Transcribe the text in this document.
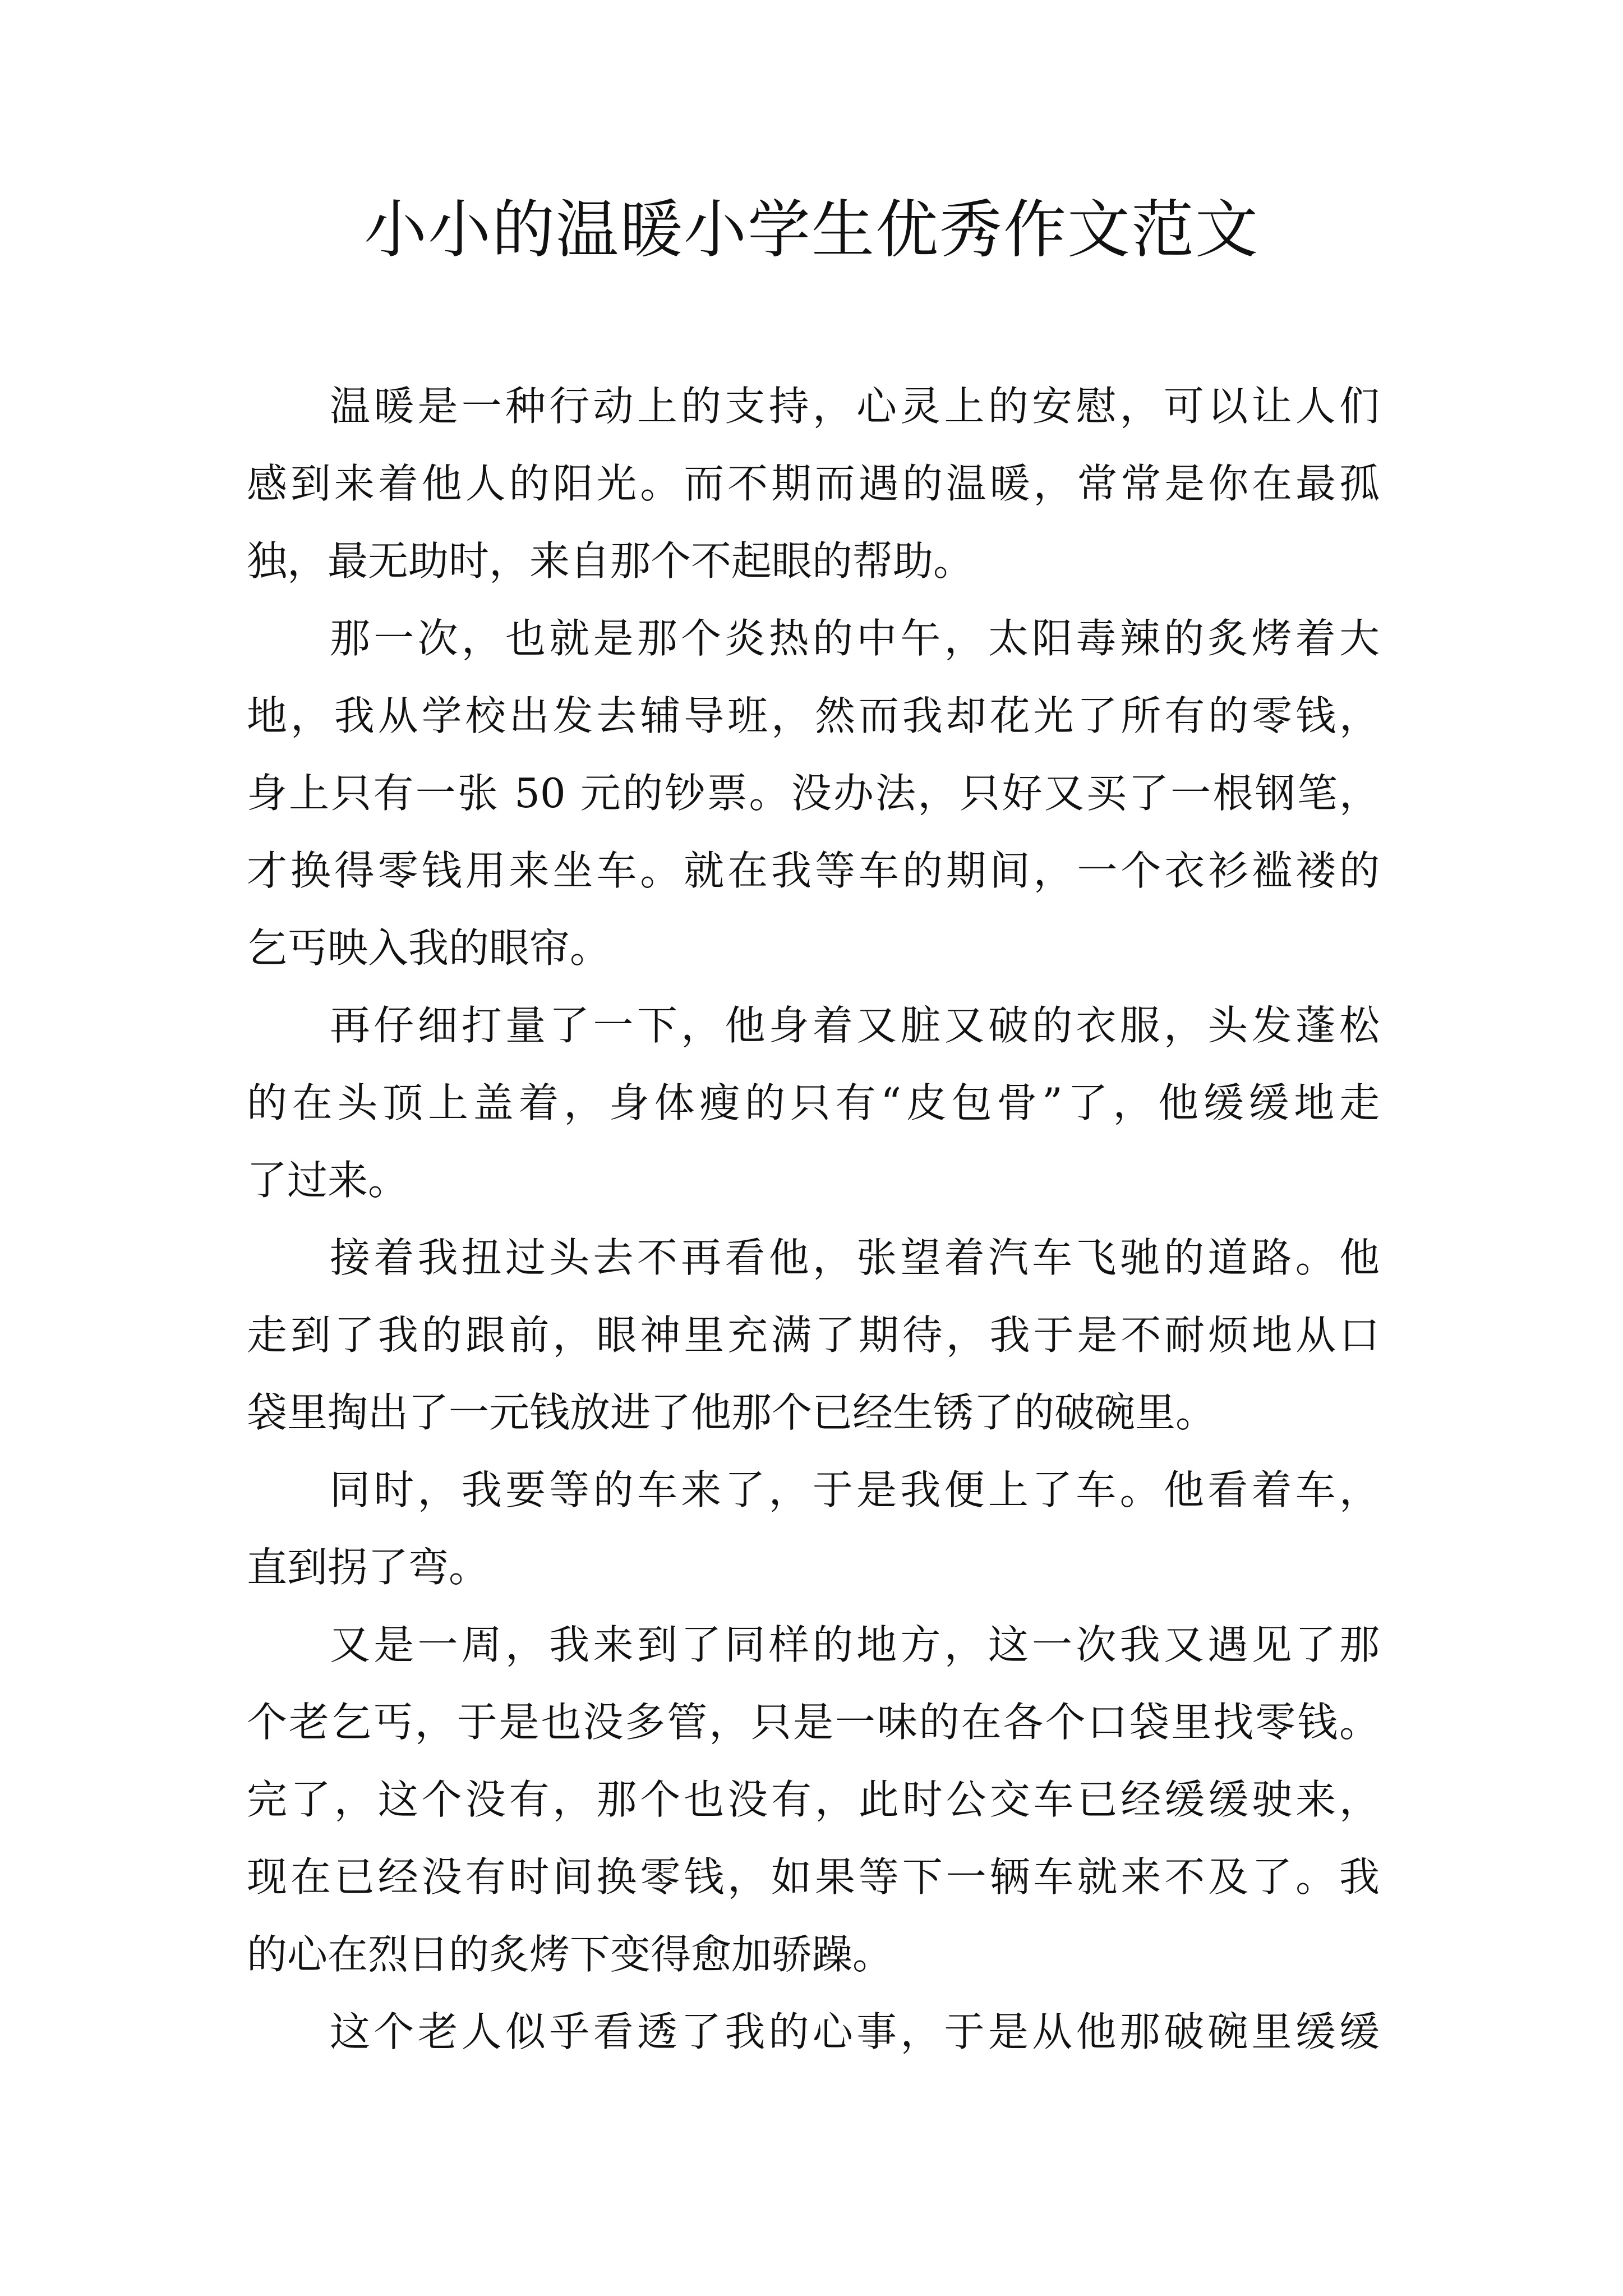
小小的温暖小学生优秀作文范文
温暖是一种行动上的支持，心灵上的安慰，可以让人们
感到来着他人的阳光。而不期而遇的温暖，常常是你在最孤
独，最无助时，来自那个不起眼的帮助。
那一次，也就是那个炎热的中午，太阳毒辣的炙烤着大
地，我从学校出发去辅导班，然而我却花光了所有的零钱，
身上只有一张 50 元的钞票。没办法，只好又买了一根钢笔，
才换得零钱用来坐车。就在我等车的期间，一个衣衫褴褛的
乞丐映入我的眼帘。
再仔细打量了一下，他身着又脏又破的衣服，头发蓬松
的在头顶上盖着，身体瘦的只有“皮包骨”了，他缓缓地走
了过来。
接着我扭过头去不再看他，张望着汽车飞驰的道路。他
走到了我的跟前，眼神里充满了期待，我于是不耐烦地从口
袋里掏出了一元钱放进了他那个已经生锈了的破碗里。
同时，我要等的车来了，于是我便上了车。他看着车，
直到拐了弯。
又是一周，我来到了同样的地方，这一次我又遇见了那
个老乞丐，于是也没多管，只是一味的在各个口袋里找零钱。
完了，这个没有，那个也没有，此时公交车已经缓缓驶来，
现在已经没有时间换零钱，如果等下一辆车就来不及了。我
的心在烈日的炙烤下变得愈加骄躁。
这个老人似乎看透了我的心事，于是从他那破碗里缓缓
